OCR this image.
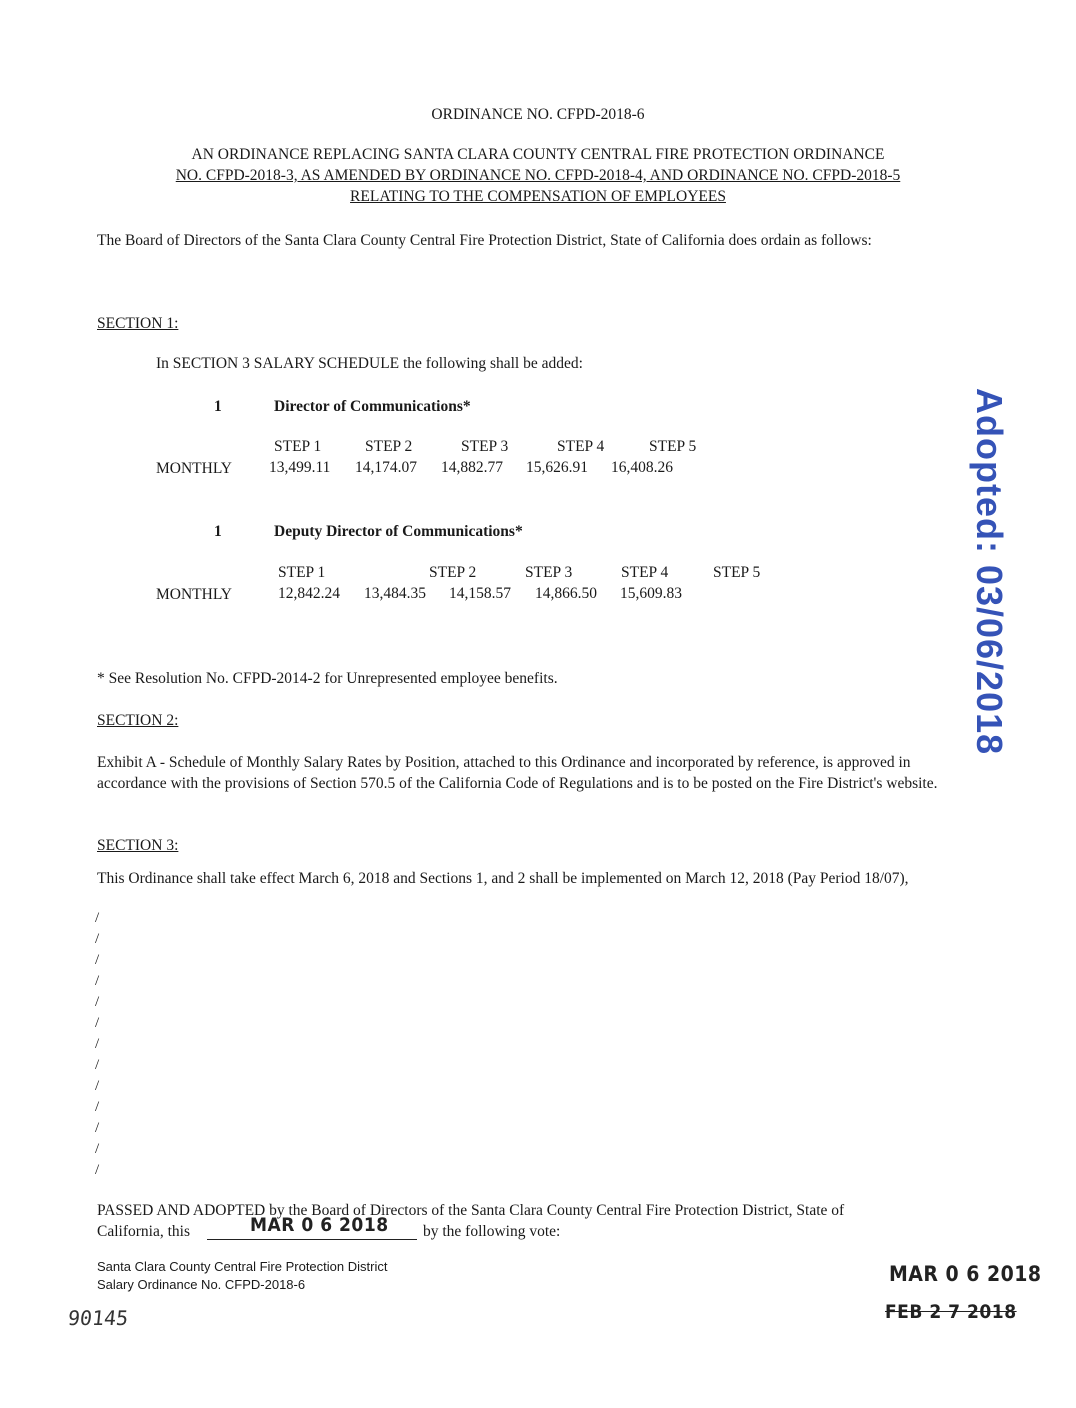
ORDINANCE NO. CFPD-2018-6
AN ORDINANCE REPLACING SANTA CLARA COUNTY CENTRAL FIRE PROTECTION ORDINANCE
NO. CFPD-2018-3, AS AMENDED BY ORDINANCE NO. CFPD-2018-4, AND ORDINANCE NO. CFPD-2018-5
RELATING TO THE COMPENSATION OF EMPLOYEES
The Board of Directors of the Santa Clara County Central Fire Protection District, State of California does ordain as follows:
SECTION 1:
In SECTION 3 SALARY SCHEDULE the following shall be added:
1	Director of Communications*
STEP 1	STEP 2	STEP 3	STEP 4	STEP 5
MONTHLY 13,499.11 14,174.07 14,882.77 15,626.91 16,408.26
1	Deputy Director of Communications*
STEP 1	STEP 2	STEP 3	STEP 4	STEP 5
MONTHLY	12,842.24 13,484.35 14,158.57 14,866.50 15,609.83
* See Resolution No. CFPD-2014-2 for Unrepresented employee benefits.
SECTION 2:
Exhibit A - Schedule of Monthly Salary Rates by Position, attached to this Ordinance and incorporated by reference, is approved in accordance with the provisions of Section 570.5 of the California Code of Regulations and is to be posted on the Fire District's website.
SECTION 3:
This Ordinance shall take effect March 6, 2018 and Sections 1, and 2 shall be implemented on March 12, 2018 (Pay Period 18/07),
/
/
/
/
/
/
/
/
/
/
/
/
/
PASSED AND ADOPTED by the Board of Directors of the Santa Clara County Central Fire Protection District, State of
California, this	MAR 0 6 2018 by the following vote:
Santa Clara County Central Fire Protection District
Salary Ordinance No. CFPD-2018-6
Adopted: 03/06/2018
MAR 0 6 2018
FEB 2 7 2018
90145
